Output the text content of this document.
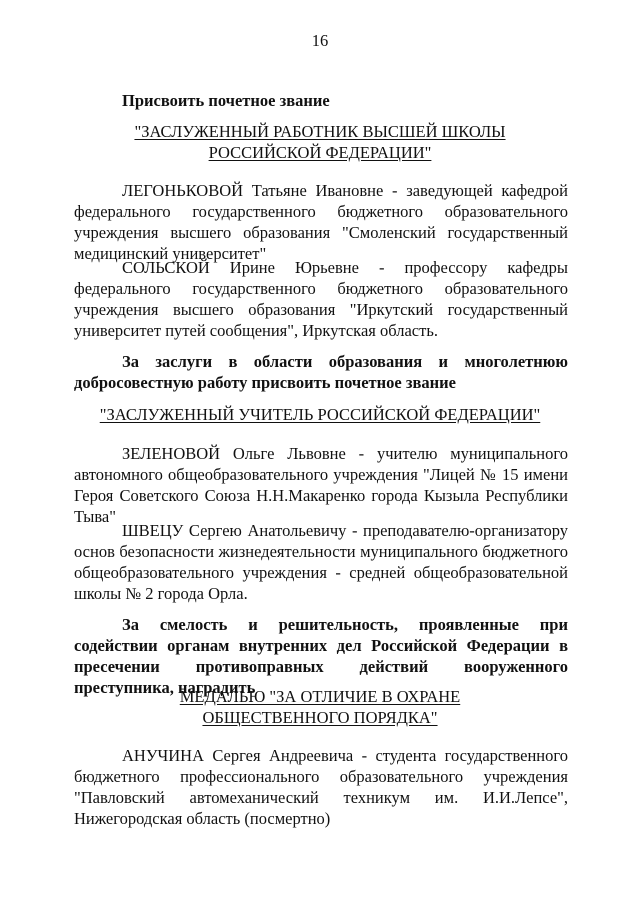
16
Присвоить почетное звание
"ЗАСЛУЖЕННЫЙ РАБОТНИК ВЫСШЕЙ ШКОЛЫ
РОССИЙСКОЙ ФЕДЕРАЦИИ"
ЛЕГОНЬКОВОЙ Татьяне Ивановне - заведующей кафедрой федерального государственного бюджетного образовательного учреждения высшего образования "Смоленский государственный медицинский университет"
СОЛЬСКОЙ Ирине Юрьевне - профессору кафедры федерального государственного бюджетного образовательного учреждения высшего образования "Иркутский государственный университет путей сообщения", Иркутская область.
За заслуги в области образования и многолетнюю добросовестную работу присвоить почетное звание
"ЗАСЛУЖЕННЫЙ УЧИТЕЛЬ РОССИЙСКОЙ ФЕДЕРАЦИИ"
ЗЕЛЕНОВОЙ Ольге Львовне - учителю муниципального автономного общеобразовательного учреждения "Лицей № 15 имени Героя Советского Союза Н.Н.Макаренко города Кызыла Республики Тыва"
ШВЕЦУ Сергею Анатольевичу - преподавателю-организатору основ безопасности жизнедеятельности муниципального бюджетного общеобразовательного учреждения - средней общеобразовательной школы № 2 города Орла.
За смелость и решительность, проявленные при содействии органам внутренних дел Российской Федерации в пресечении противоправных действий вооруженного преступника, наградить
МЕДАЛЬЮ "ЗА ОТЛИЧИЕ В ОХРАНЕ
ОБЩЕСТВЕННОГО ПОРЯДКА"
АНУЧИНА Сергея Андреевича - студента государственного бюджетного профессионального образовательного учреждения "Павловский автомеханический техникум им. И.И.Лепсе", Нижегородская область (посмертно)
